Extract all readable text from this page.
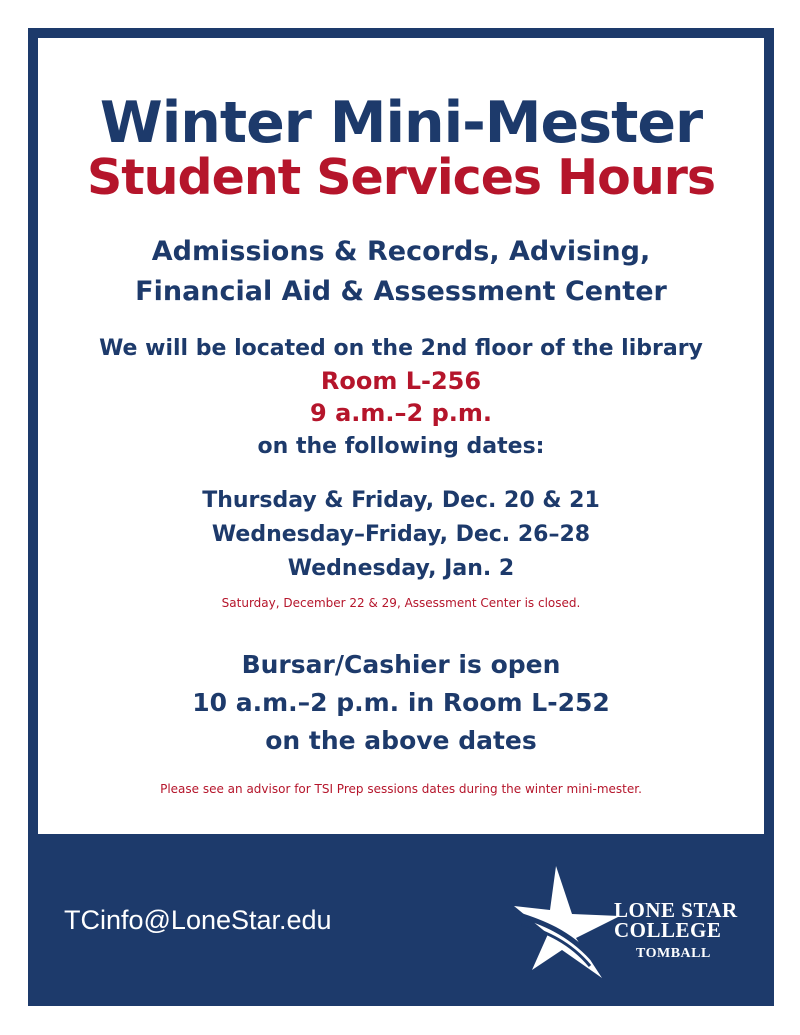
Winter Mini-Mester
Student Services Hours
Admissions & Records, Advising,
Financial Aid & Assessment Center
We will be located on the 2nd floor of the library
Room L-256
9 a.m.–2 p.m.
on the following dates:
Thursday & Friday, Dec. 20 & 21
Wednesday–Friday, Dec. 26–28
Wednesday, Jan. 2
Saturday, December 22 & 29, Assessment Center is closed.
Bursar/Cashier is open
10 a.m.–2 p.m. in Room L-252
on the above dates
Please see an advisor for TSI Prep sessions dates during the winter mini-mester.
TCinfo@LoneStar.edu	LONE STAR
COLLEGE
TOMBALL
